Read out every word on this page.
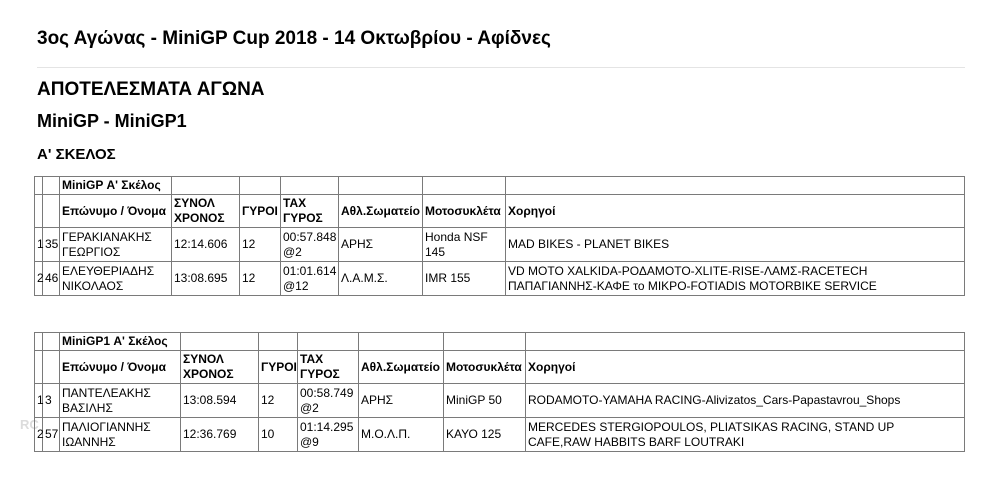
3ος Αγώνας - MiniGP Cup 2018 - 14 Οκτωβρίου - Αφίδνες
ΑΠΟΤΕΛΕΣΜΑΤΑ ΑΓΩΝΑ
MiniGP - MiniGP1
Α' ΣΚΕΛΟΣ
RC
		MiniGP Α' Σκέλος						
		Επώνυμο / Όνομα	ΣΥΝΟΛ
ΧΡΟΝΟΣ	ΓΥΡΟΙ	ΤΑΧ
ΓΥΡΟΣ	Αθλ.Σωματείο	Μοτοσυκλέτα	Χορηγοί
1	35	ΓΕΡΑΚΙΑΝΑΚΗΣ
ΓΕΩΡΓΙΟΣ	12:14.606	12	00:57.848
@2	ΑΡΗΣ	Honda NSF
145	MAD BIKES - PLANET BIKES

2	46	ΕΛΕΥΘΕΡΙΑΔΗΣ
ΝΙΚΟΛΑΟΣ	13:08.695	12	01:01.614
@12	Λ.Α.Μ.Σ.	IMR 155	VD MOTO XALKIDA-ΡΟΔΑΜΟΤΟ-XLITE-RISE-ΛΑΜΣ-RACETECH
ΠΑΠΑΓΙΑΝΝΗΣ-ΚΑΦΕ το ΜΙΚΡΟ-FOTIADIS MOTORBIKE SERVICE
		MiniGP1 Α' Σκέλος						
		Επώνυμο / Όνομα	ΣΥΝΟΛ
ΧΡΟΝΟΣ	ΓΥΡΟΙ	ΤΑΧ
ΓΥΡΟΣ	Αθλ.Σωματείο	Μοτοσυκλέτα	Χορηγοί
1	3	ΠΑΝΤΕΛΕΑΚΗΣ
ΒΑΣΙΛΗΣ	13:08.594	12	00:58.749
@2	ΑΡΗΣ	MiniGP 50	RODAMOTO-YAMAHA RACING-Alivizatos_Cars-Papastavrou_Shops

2	57	ΠΑΛΙΟΓΙΑΝΝΗΣ
ΙΩΑΝΝΗΣ	12:36.769	10	01:14.295
@9	Μ.Ο.Λ.Π.	ΚΑΥΟ 125	MERCEDES STERGIOPOULOS, PLIATSIKAS RACING, STAND UP
CAFE,RAW HABBITS BARF LOUTRAKI
